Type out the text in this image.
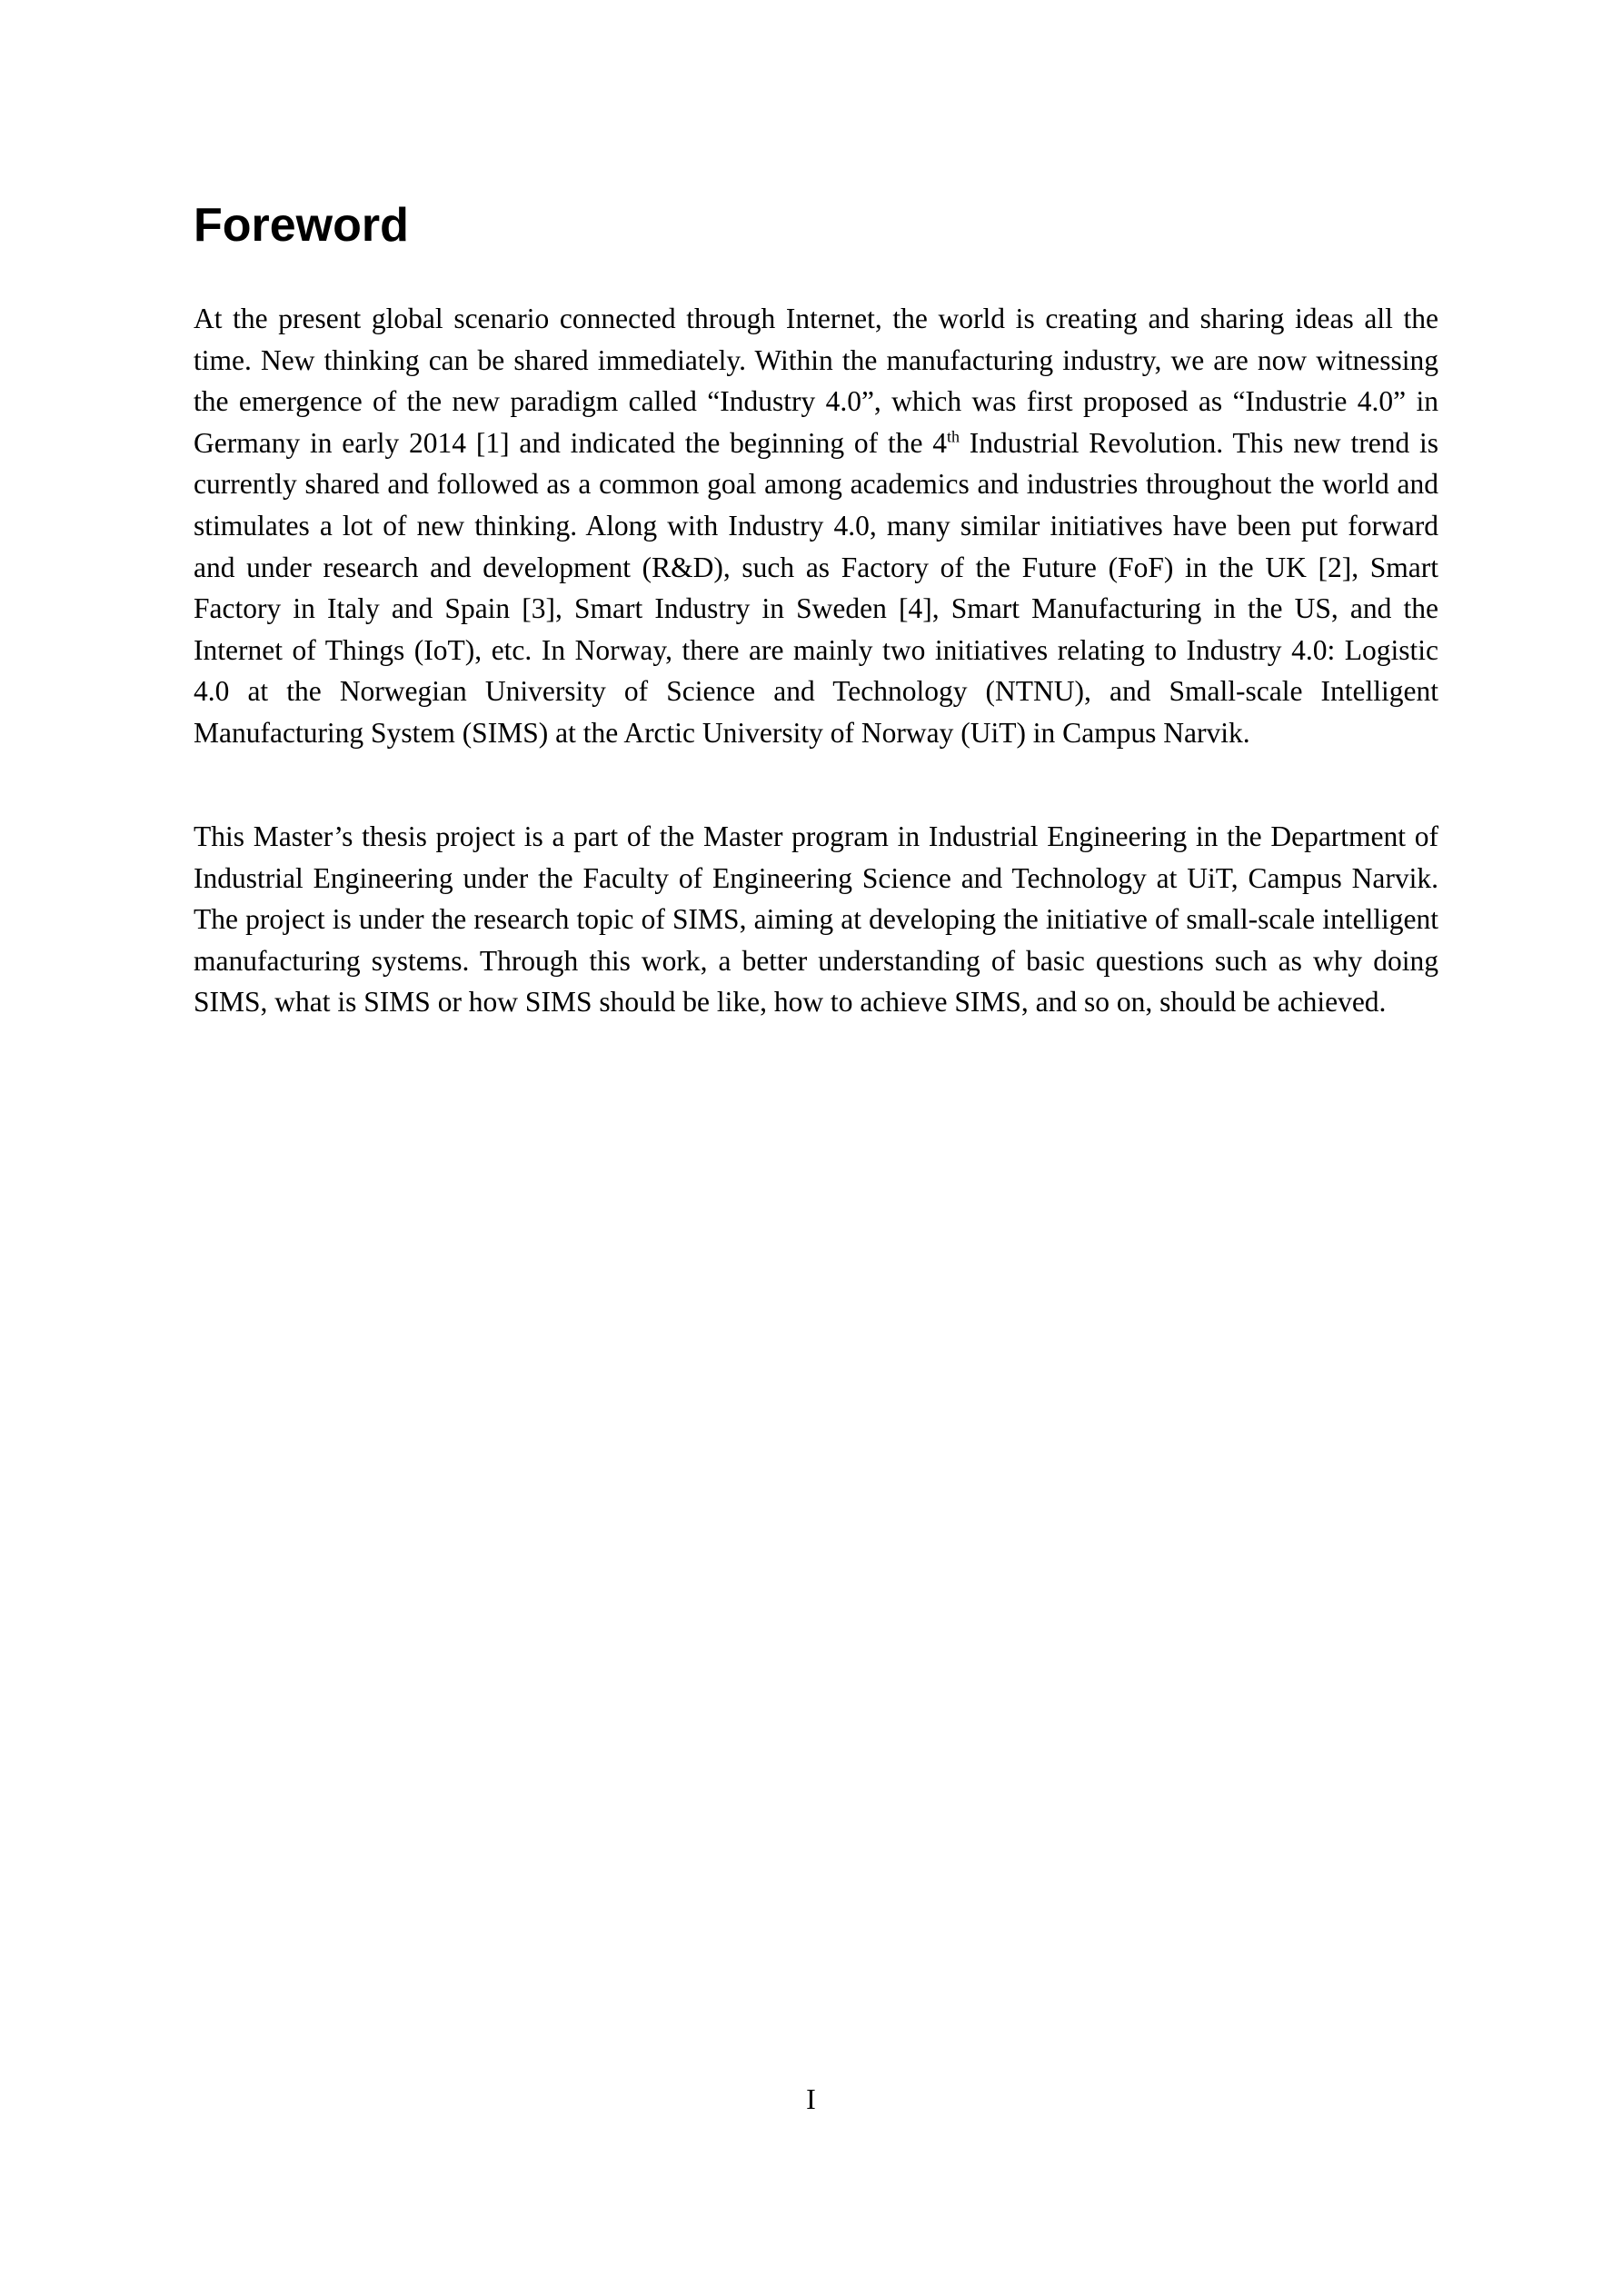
Foreword

At the present global scenario connected through Internet, the world is creating and sharing ideas all the time. New thinking can be shared immediately. Within the manufacturing industry, we are now witnessing the emergence of the new paradigm called “Industry 4.0”, which was first proposed as “Industrie 4.0” in Germany in early 2014 [1] and indicated the beginning of the 4th Industrial Revolution. This new trend is currently shared and followed as a common goal among academics and industries throughout the world and stimulates a lot of new thinking. Along with Industry 4.0, many similar initiatives have been put forward and under research and development (R&D), such as Factory of the Future (FoF) in the UK [2], Smart Factory in Italy and Spain [3], Smart Industry in Sweden [4], Smart Manufacturing in the US, and the Internet of Things (IoT), etc. In Norway, there are mainly two initiatives relating to Industry 4.0: Logistic 4.0 at the Norwegian University of Science and Technology (NTNU), and Small-scale Intelligent Manufacturing System (SIMS) at the Arctic University of Norway (UiT) in Campus Narvik.

This Master’s thesis project is a part of the Master program in Industrial Engineering in the Department of Industrial Engineering under the Faculty of Engineering Science and Technology at UiT, Campus Narvik. The project is under the research topic of SIMS, aiming at developing the initiative of small-scale intelligent manufacturing systems. Through this work, a better understanding of basic questions such as why doing SIMS, what is SIMS or how SIMS should be like, how to achieve SIMS, and so on, should be achieved.

I
